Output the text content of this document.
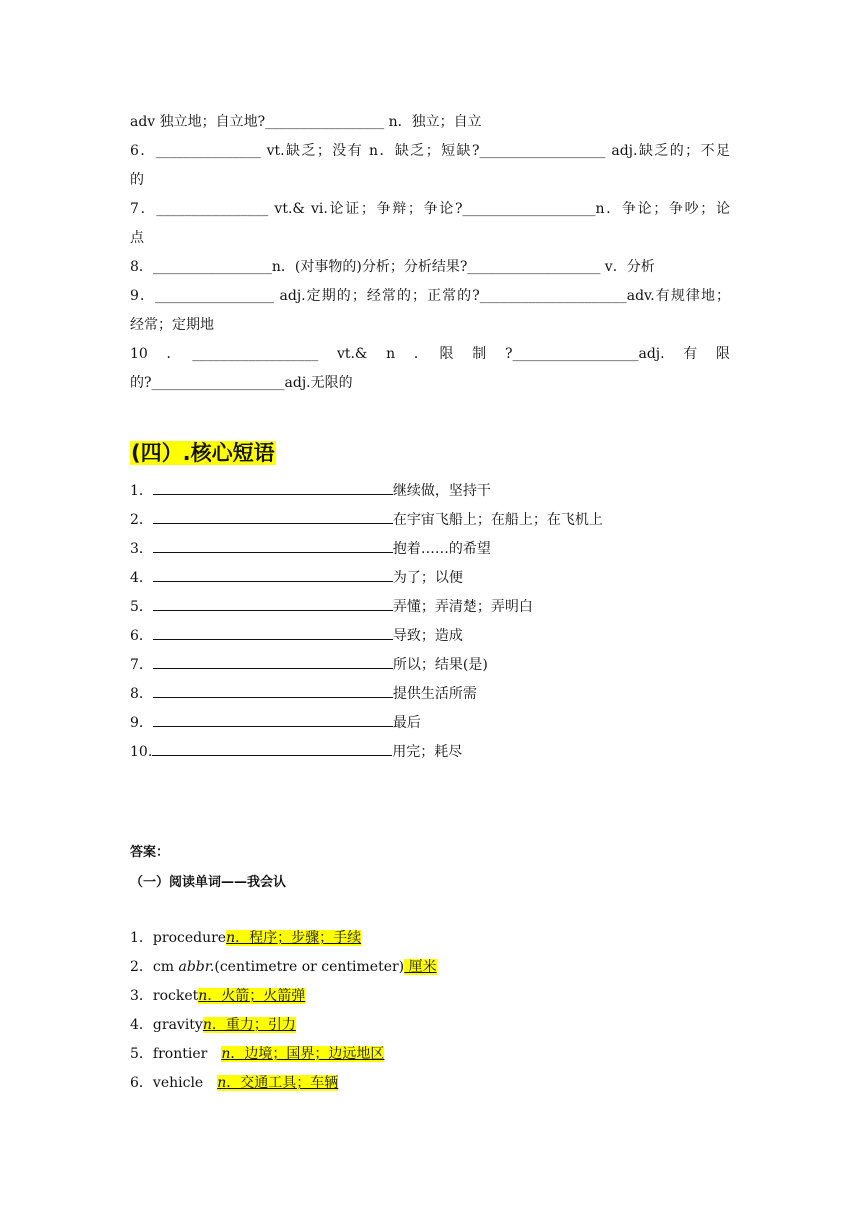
adv 独立地；自立地?_________________ n．独立；自立
6．_______________ vt.缺乏；没有 n．缺乏；短缺?__________________ adj.缺乏的；不足
的
7．________________ vt.& vi.论证；争辩；争论?___________________n．争论；争吵；论
点
8．_________________n．(对事物的)分析；分析结果?___________________ v．分析
9．_________________ adj.定期的；经常的；正常的?_____________________adv.有规律地；
经常；定期地
10　．　__________________　vt.&　n　．　限　制　?__________________adj.　有　限
的?___________________adj.无限的
(四）.核心短语
1．	继续做，坚持干
2．	在宇宙飞船上；在船上；在飞机上
3．	抱着……的希望
4．	为了；以便
5．	弄懂；弄清楚；弄明白
6．	导致；造成
7．	所以；结果(是)
8．	提供生活所需
9．	最后
10.	用完；耗尽
答案：
（一）阅读单词——我会认
1．proceduren．程序；步骤；手续
2．cm abbr.(centimetre or centimeter) 厘米
3．rocketn．火箭；火箭弹
4．gravityn．重力；引力
5．frontier　n．边境；国界；边远地区
6．vehicle　n．交通工具；车辆
